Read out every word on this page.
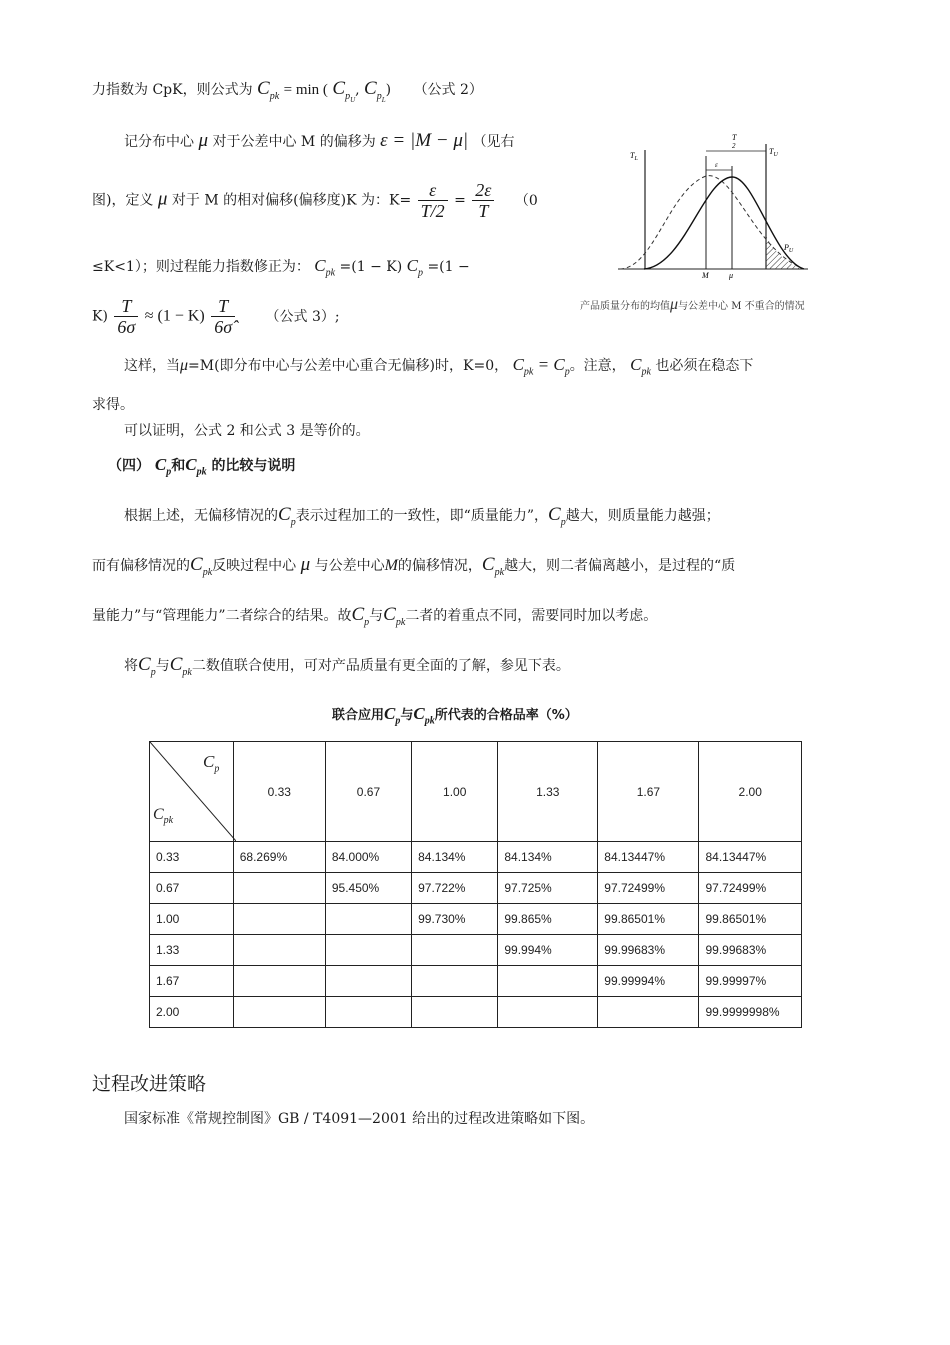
力指数为 CpK，则公式为 $C_{pk} = \min$ ( $C_{p_U}$, $C_{p_L}$) （公式 2）
记分布中心 μ 对于公差中心 M 的偏移为 ε = |M − μ| （见右
图)，定义 μ 对于 M 的相对偏移(偏移度)K 为：$K= \frac{\varepsilon}{T/2} = \frac{2\varepsilon}{T} (0$
≤K<1）；则过程能力指数修正为： $C_{pk} =(1 - K)$ $C_p =(1$ −
$K) \frac{T}{6\sigma} \approx (1 - K) \frac{T}{6\sigmâ}$ （公式 3）;
$T_L$
$T_U$
T
2
ε
M	μ
$P_U$
产品质量分布的均值μ与公差中心 M 不重合的情况
这样，当μ=M(即分布中心与公差中心重合无偏移)时，K=0， $C_{pk} = C_p$。注意， $C_{pk}$ 也必须在稳态下
求得。
可以证明，公式 2 和公式 3 是等价的。
（四） $C_p$和$C_{pk}$ 的比较与说明
根据上述，无偏移情况的$C_p$表示过程加工的一致性，即“质量能力”，$C_p$越大，则质量能力越强；
而有偏移情况的$C_{pk}$反映过程中心 μ 与公差中心M的偏移情况，$C_{pk}$越大，则二者偏离越小，是过程的“质
量能力”与“管理能力”二者综合的结果。故$C_p$与$C_{pk}$二者的着重点不同，需要同时加以考虑。
将$C_p$与$C_{pk}$二数值联合使用，可对产品质量有更全面的了解，参见下表。
联合应用$C_p$与$C_{pk}$所代表的合格品率（%）
$C_p$
$C_{pk}$	0.33	0.67	1.00	1.33	1.67	2.00
0.33	68.269%	84.000%	84.134%	84.134%	84.13447%	84.13447%
0.67		95.450%	97.722%	97.725%	97.72499%	97.72499%
1.00			99.730%	99.865%	99.86501%	99.86501%
1.33				99.994%	99.99683%	99.99683%
1.67					99.99994%	99.99997%
2.00						99.9999998%
过程改进策略
国家标准《常规控制图》GB / T4091—2001 给出的过程改进策略如下图。
